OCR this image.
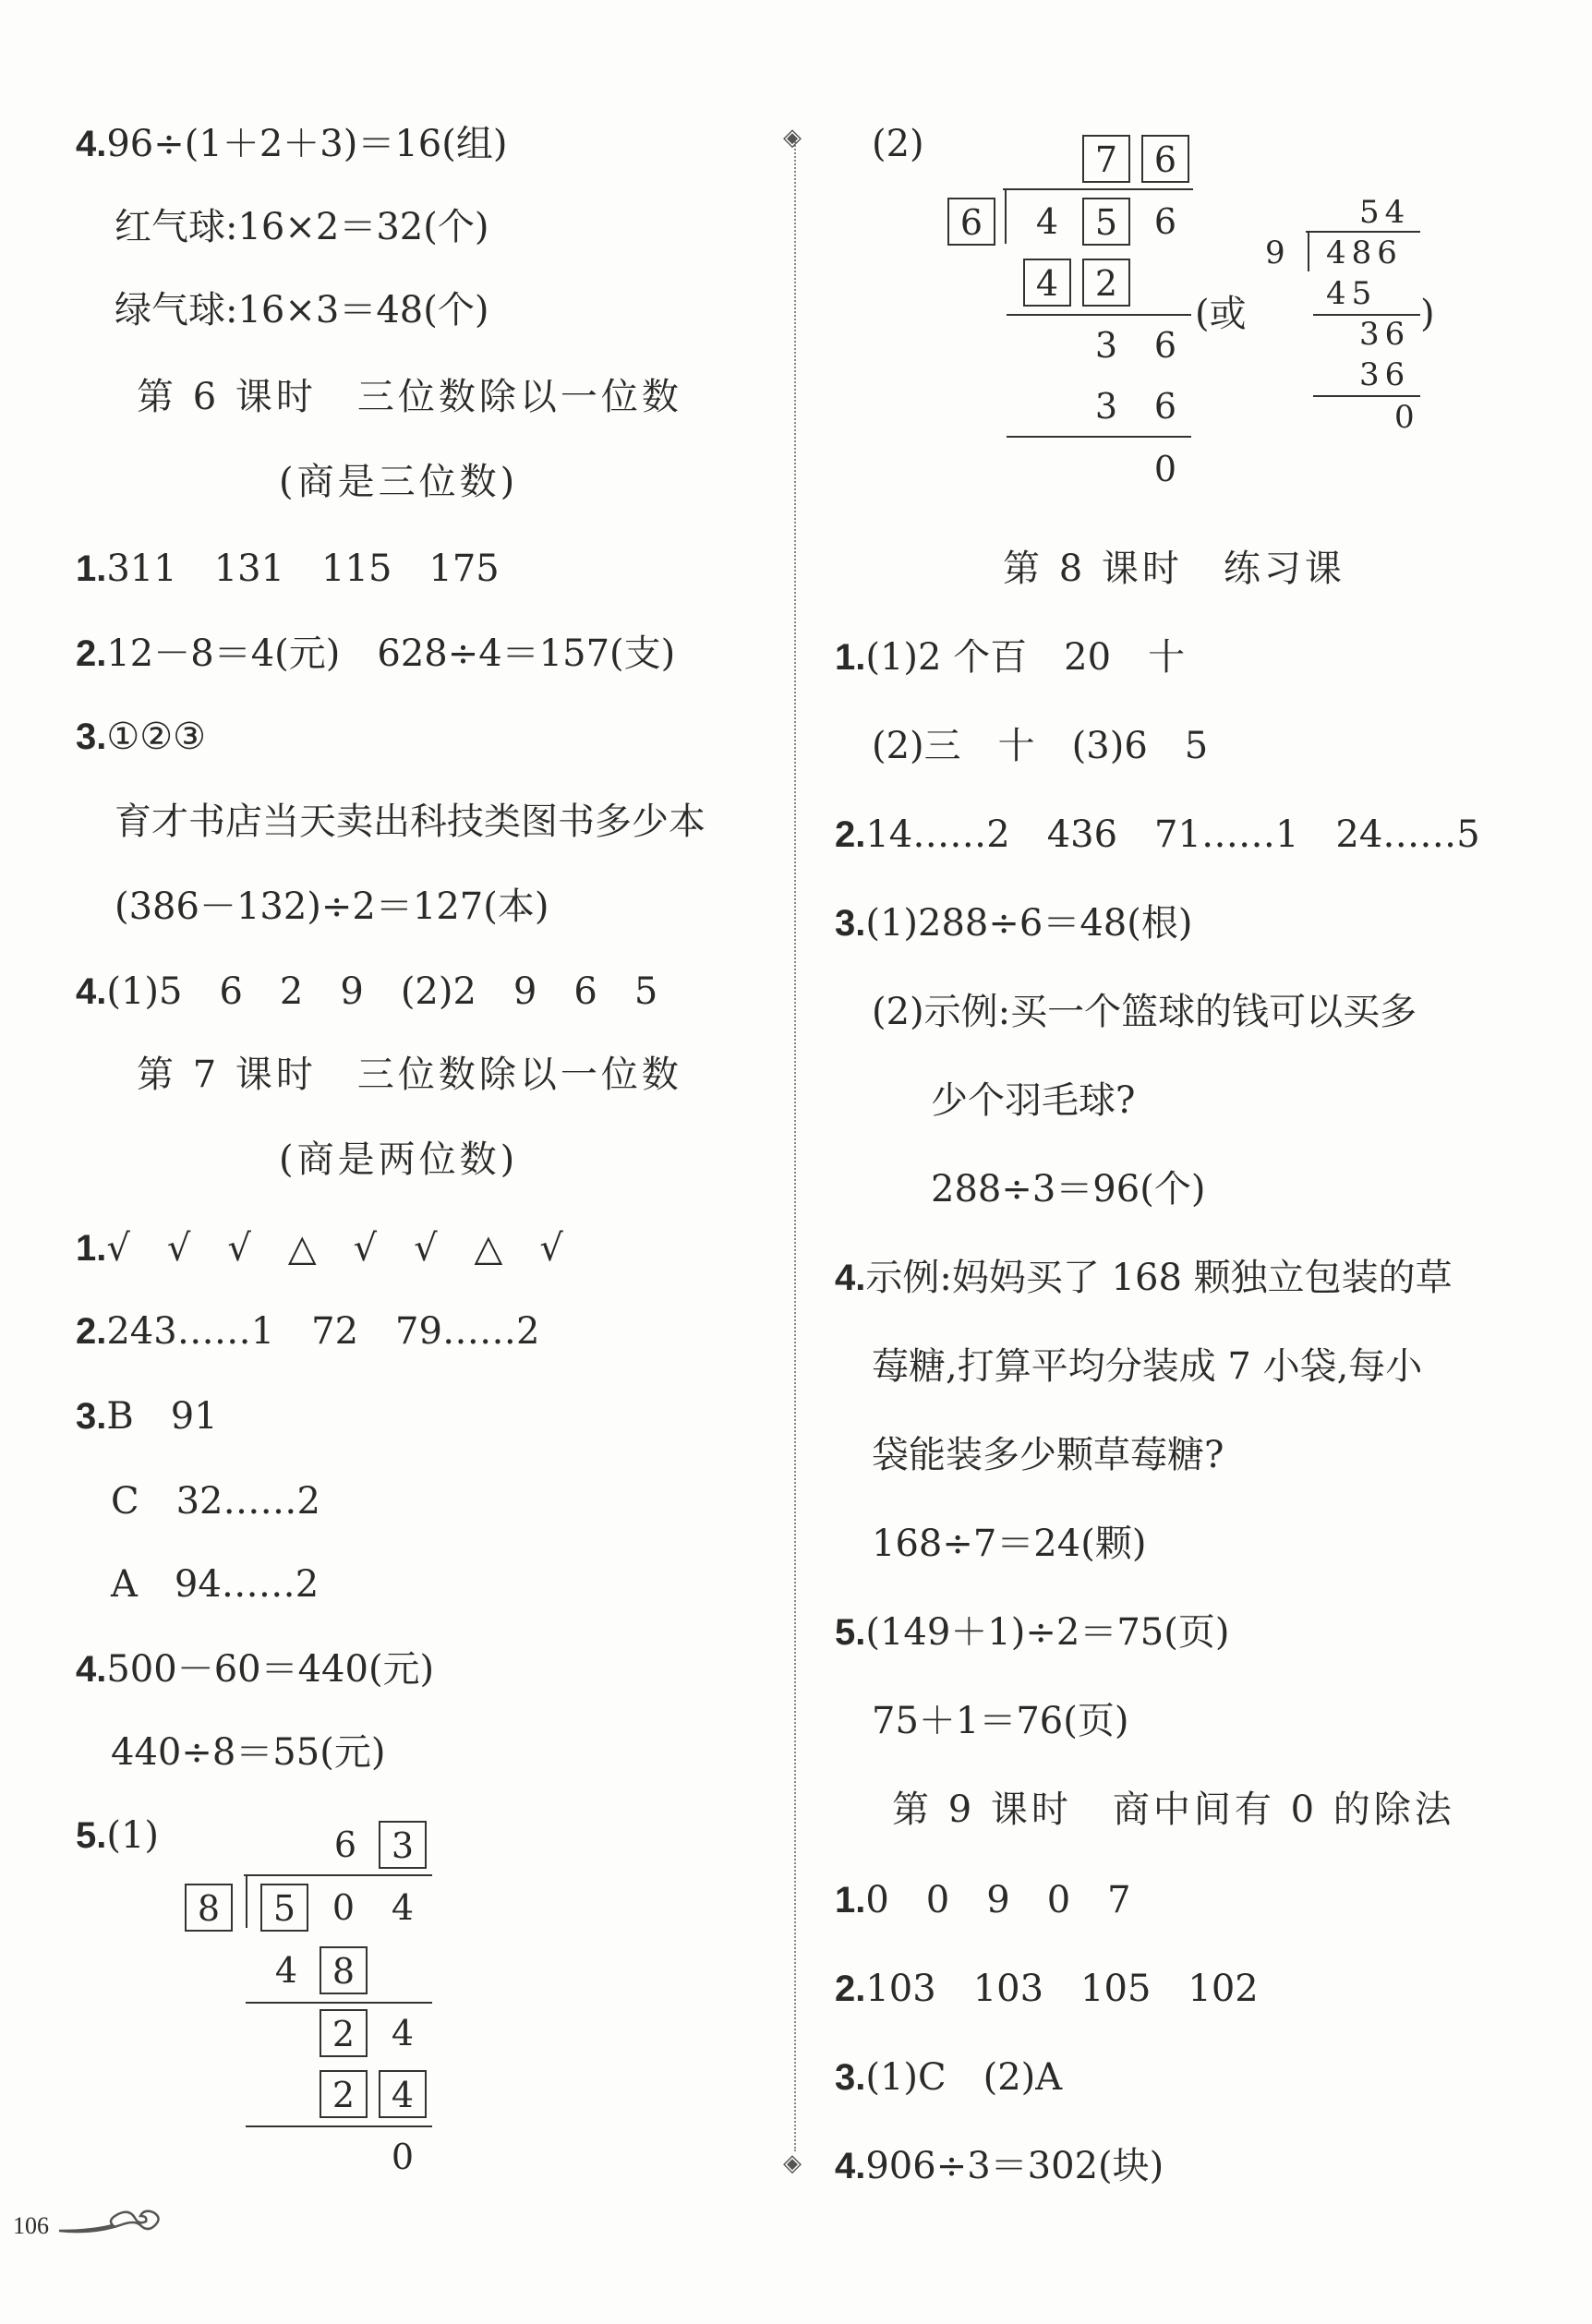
4.96÷(1＋2＋3)＝16(组)
红气球:16×2＝32(个)
绿气球:16×3＝48(个)
第 6 课时　三位数除以一位数
(商是三位数)
1.311　131　115　175
2.12－8＝4(元)　628÷4＝157(支)
3.①②③
育才书店当天卖出科技类图书多少本
(386－132)÷2＝127(本)
4.(1)5　6　2　9　(2)2　9　6　5
第 7 课时　三位数除以一位数
(商是两位数)
1.√　√　√　△　√　√　△　√
2.243……1　72　79……2
3.B　91
C　32……2
A　94……2
4.500－60＝440(元)
440÷8＝55(元)
5.(1)	6 3
8	5	0	4
4 8
2	4
2	4
0
◈
◈
(2)	7	6
6	4	5	6
4	2
(或
3	6
3	6
0
54
9 486
45
36 )
36
0
第 8 课时　练习课
1.(1)2 个百　20　十
(2)三　十　(3)6　5
2.14……2　436　71……1　24……5
3.(1)288÷6＝48(根)
(2)示例:买一个篮球的钱可以买多
少个羽毛球?
288÷3＝96(个)
4.示例:妈妈买了 168 颗独立包装的草
莓糖,打算平均分装成 7 小袋,每小
袋能装多少颗草莓糖?
168÷7＝24(颗)
5.(149＋1)÷2＝75(页)
75＋1＝76(页)
第 9 课时　商中间有 0 的除法
1.0　0　9　0　7
2.103　103　105　102
3.(1)C　(2)A
4.906÷3＝302(块)
106
